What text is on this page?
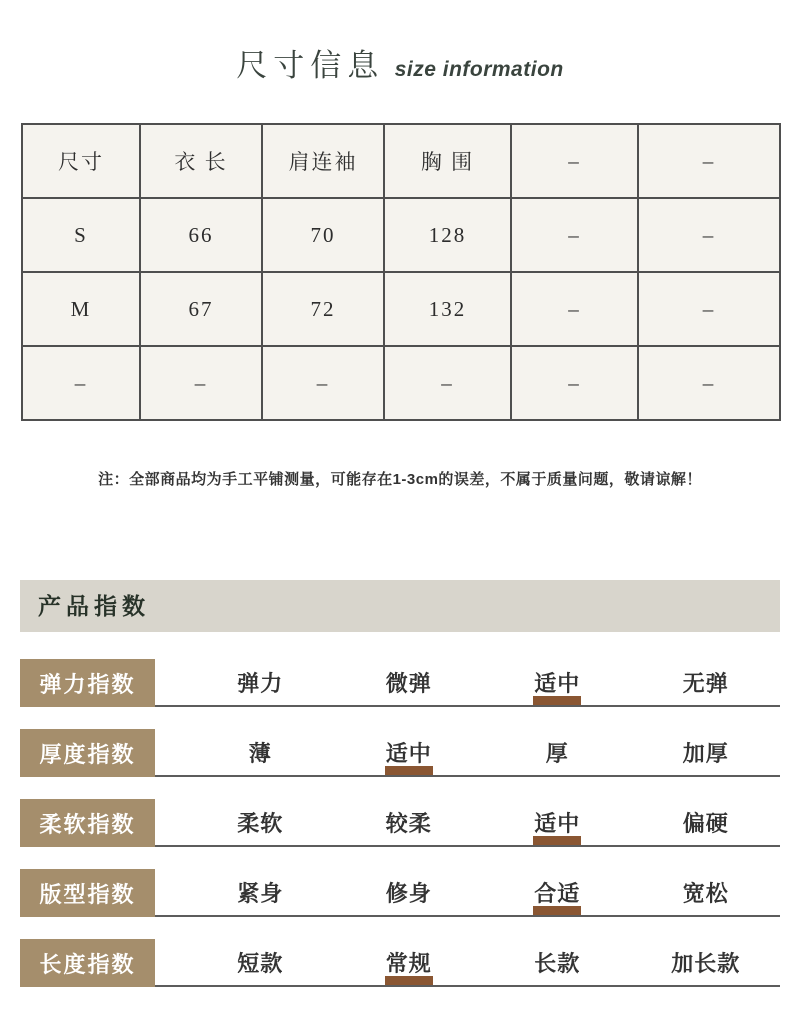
尺寸信息 size information
尺寸	衣 长	肩连袖	胸 围	–	–
S	66	70	128	–	–
M	67	72	132	–	–
–	–	–	–	–	–
注：全部商品均为手工平铺测量，可能存在1-3cm的误差，不属于质量问题，敬请谅解！
产品指数
弹力指数	弹力	微弹	适中	无弹
厚度指数	薄	适中	厚	加厚
柔软指数	柔软	较柔	适中	偏硬
版型指数	紧身	修身	合适	宽松
长度指数	短款	常规	长款	加长款
